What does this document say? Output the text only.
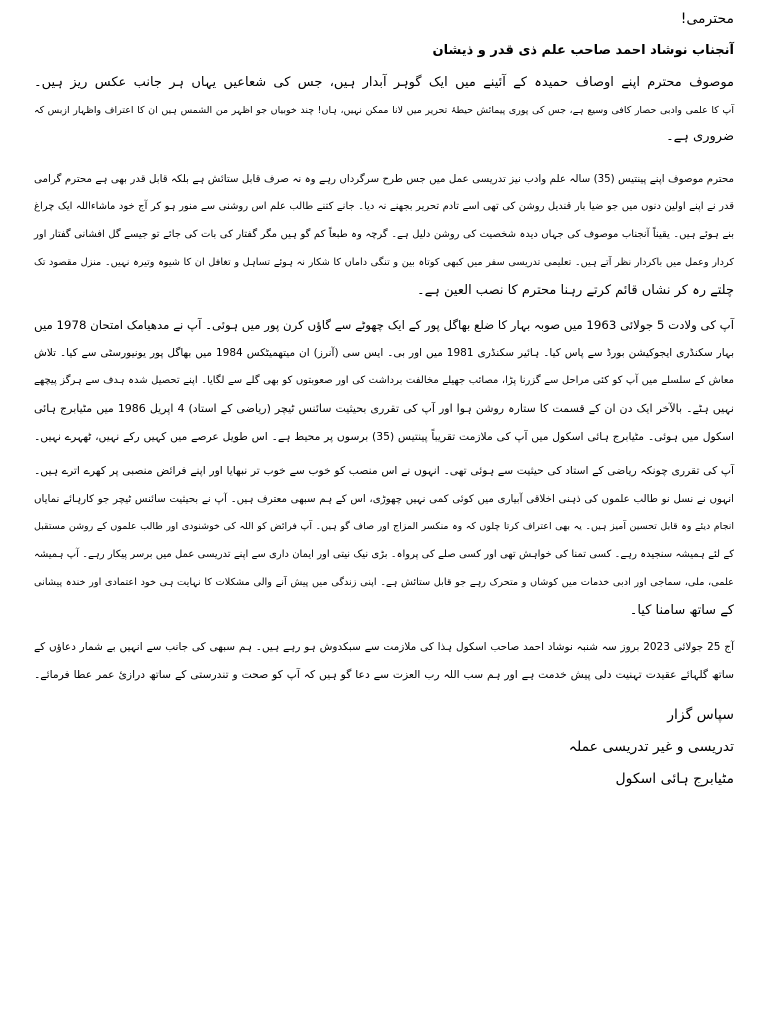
محترمی!
آنجناب نوشاد احمد صاحب علم ذی قدر و ذیشان
موصوف محترم اپنے اوصاف حمیدہ کے آئینے میں ایک گوہر آبدار ہیں، جس کی شعاعیں یہاں ہر جانب عکس ریز ہیں۔
آپ کا علمی وادبی حصار کافی وسیع ہے، جس کی پوری پیمائش حیطۂ تحریر میں لانا ممکن نہیں، ہاں! چند خوبیاں جو اظہر من الشمس ہیں ان کا اعتراف واظہار ازبس کہ
ضروری ہے۔
محترم موصوف اپنے پینتیس (35) سالہ علم وادب نیز تدریسی عمل میں جس طرح سرگرداں رہے وہ نہ صرف قابل ستائش ہے بلکہ قابل قدر بھی ہے محترم گرامی
قدر نے اپنے اولین دنوں میں جو ضیا بار قندیل روشن کی تھی اسے تادم تحریر بجھنے نہ دیا۔ جانے کتنے طالب علم اس روشنی سے منور ہو کر آج خود ماشاءاللہ ایک چراغ
بنے ہوئے ہیں۔ یقیناً آنجناب موصوف کی جہاں دیدہ شخصیت کی روشن دلیل ہے۔ گرچہ وہ طبعاً کم گو ہیں مگر گفتار کی بات کی جائے تو جیسے گل افشانی گفتار اور
کردار وعمل میں باکردار نظر آتے ہیں۔ تعلیمی تدریسی سفر میں کبھی کوتاہ بین و تنگی داماں کا شکار نہ ہوئے تساہل و تغافل ان کا شیوہ وتیرہ نہیں۔ منزل مقصود تک
چلتے رہ کر نشاں قائم کرتے رہنا محترم کا نصب العین ہے۔
آپ کی ولادت 5 جولائی 1963 میں صوبہ بہار کا ضلع بھاگل پور کے ایک چھوٹے سے گاؤں کرن پور میں ہوئی۔ آپ نے مدھیامک امتحان 1978 میں
بہار سکنڈری ایجوکیشن بورڈ سے پاس کیا۔ ہائیر سکنڈری 1981 میں اور بی۔ ایس سی (آنرز) ان میتھمیٹکس 1984 میں بھاگل پور یونیورسٹی سے کیا۔ تلاش
معاش کے سلسلے میں آپ کو کئی مراحل سے گزرنا پڑا، مصائب جھیلے مخالفت برداشت کی اور صعوبتوں کو بھی گلے سے لگایا۔ اپنے تحصیل شدہ ہدف سے ہرگز پیچھے
نہیں ہٹے۔ بالآخر ایک دن ان کے قسمت کا ستارہ روشن ہوا اور آپ کی تقرری بحیثیت سائنس ٹیچر (ریاضی کے استاد) 4 اپریل 1986 میں مٹیابرج ہائی
اسکول میں ہوئی۔ مٹیابرج ہائی اسکول میں آپ کی ملازمت تقریباً پینتیس (35) برسوں پر محیط ہے۔ اس طویل عرصے میں کہیں رکے نہیں، ٹھہرے نہیں۔
آپ کی تقرری چونکہ ریاضی کے استاد کی حیثیت سے ہوئی تھی۔ انہوں نے اس منصب کو خوب سے خوب تر نبھایا اور اپنے فرائض منصبی پر کھرے اترے ہیں۔
انہوں نے نسل نو طالب علموں کی ذہنی اخلاقی آبیاری میں کوئی کمی نہیں چھوڑی، اس کے ہم سبھی معترف ہیں۔ آپ نے بحیثیت سائنس ٹیچر جو کارہائے نمایاں
انجام دیئے وہ قابل تحسین آمیز ہیں۔ یہ بھی اعتراف کرتا چلوں کہ وہ منکسر المزاج اور صاف گو ہیں۔ آپ فرائض کو اللہ کی خوشنودی اور طالب علموں کے روشن مستقبل
کے لئے ہمیشہ سنجیدہ رہے۔ کسی تمنا کی خواہش تھی اور کسی صلے کی پرواہ۔ بڑی نیک نیتی اور ایمان داری سے اپنے تدریسی عمل میں برسر پیکار رہے۔ آپ ہمیشہ
علمی، ملی، سماجی اور ادبی خدمات میں کوشاں و متحرک رہے جو قابل ستائش ہے۔ اپنی زندگی میں پیش آنے والی مشکلات کا نہایت ہی خود اعتمادی اور خندہ پیشانی
کے ساتھ سامنا کیا۔
آج 25 جولائی 2023 بروز سہ شنبہ نوشاد احمد صاحب اسکول ہذا کی ملازمت سے سبکدوش ہو رہے ہیں۔ ہم سبھی کی جانب سے انہیں بے شمار دعاؤں کے
ساتھ گلہائے عقیدت تہنیت دلی پیش خدمت ہے اور ہم سب اللہ رب العزت سے دعا گو ہیں کہ آپ کو صحت و تندرستی کے ساتھ درازئ عمر عطا فرمائے۔
سپاس گزار
تدریسی و غیر تدریسی عملہ
مٹیابرج ہائی اسکول
